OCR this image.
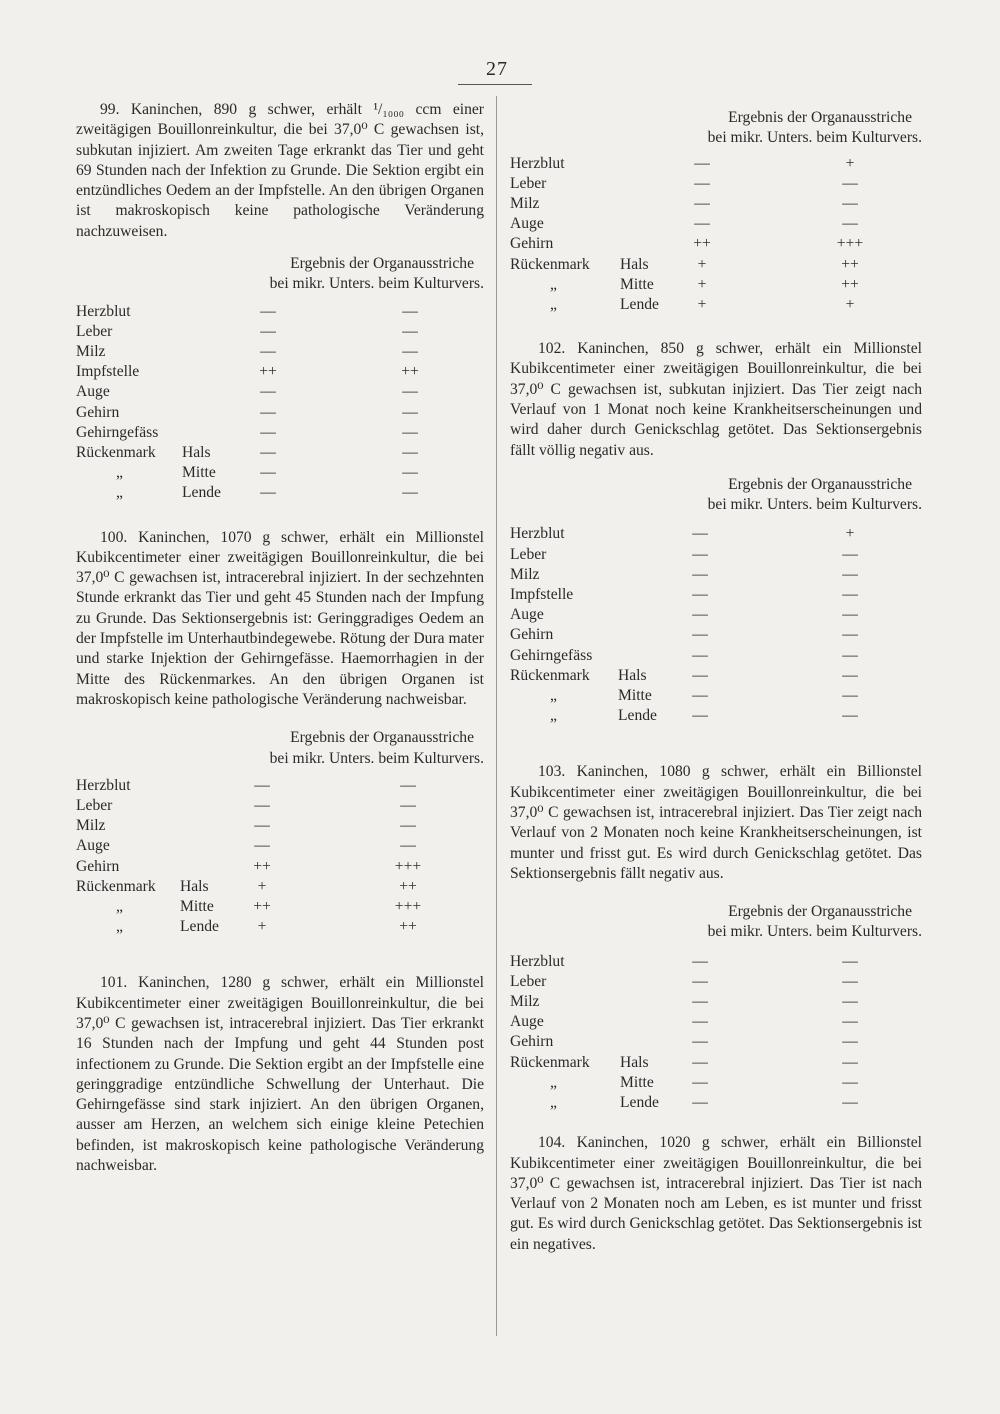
27

99. Kaninchen, 890 g schwer, erhält ¹/₁₀₀₀ ccm einer zweitägigen Bouillonreinkultur, die bei 37,0⁰ C gewachsen ist, subkutan injiziert. Am zweiten Tage erkrankt das Tier und geht 69 Stunden nach der Infektion zu Grunde. Die Sektion ergibt ein entzündliches Oedem an der Impfstelle. An den übrigen Organen ist makroskopisch keine pathologische Veränderung nachzuweisen.

Ergebnis der Organausstriche
bei mikr. Unters. beim Kulturvers.

Herzblut	—	—
Leber	—	—
Milz	—	—
Impfstelle	++	++
Auge	—	—
Gehirn	—	—
Gehirngefäss	—	—
Rückenmark Hals	—	—
„	Mitte	—	—
„	Lende	—	—

100. Kaninchen, 1070 g schwer, erhält ein Millionstel Kubikcentimeter einer zweitägigen Bouillonreinkultur, die bei 37,0⁰ C gewachsen ist, intracerebral injiziert. In der sechzehnten Stunde erkrankt das Tier und geht 45 Stunden nach der Impfung zu Grunde. Das Sektionsergebnis ist: Geringgradiges Oedem an der Impfstelle im Unterhautbindegewebe. Rötung der Dura mater und starke Injektion der Gehirngefässe. Haemorrhagien in der Mitte des Rückenmarkes. An den übrigen Organen ist makroskopisch keine pathologische Veränderung nachweisbar.

Ergebnis der Organausstriche
bei mikr. Unters. beim Kulturvers.

Herzblut	—	—
Leber	—	—
Milz	—	—
Auge	—	—
Gehirn	++	+++
Rückenmark Hals	+	++
„	Mitte	++	+++
„	Lende	+	++

101. Kaninchen, 1280 g schwer, erhält ein Millionstel Kubikcentimeter einer zweitägigen Bouillonreinkultur, die bei 37,0⁰ C gewachsen ist, intracerebral injiziert. Das Tier erkrankt 16 Stunden nach der Impfung und geht 44 Stunden post infectionem zu Grunde. Die Sektion ergibt an der Impfstelle eine geringgradige entzündliche Schwellung der Unterhaut. Die Gehirngefässe sind stark injiziert. An den übrigen Organen, ausser am Herzen, an welchem sich einige kleine Petechien befinden, ist makroskopisch keine pathologische Veränderung nachweisbar.

Ergebnis der Organausstriche
bei mikr. Unters. beim Kulturvers.

Herzblut	—	+
Leber	—	—
Milz	—	—
Auge	—	—
Gehirn	++	+++
Rückenmark Hals	+	++
„	Mitte	+	++
„	Lende	+	+

102. Kaninchen, 850 g schwer, erhält ein Millionstel Kubikcentimeter einer zweitägigen Bouillonreinkultur, die bei 37,0⁰ C gewachsen ist, subkutan injiziert. Das Tier zeigt nach Verlauf von 1 Monat noch keine Krankheitserscheinungen und wird daher durch Genickschlag getötet. Das Sektionsergebnis fällt völlig negativ aus.

Ergebnis der Organausstriche
bei mikr. Unters. beim Kulturvers.

Herzblut	—	+
Leber	—	—
Milz	—	—
Impfstelle	—	—
Auge	—	—
Gehirn	—	—
Gehirngefäss	—	—
Rückenmark Hals	—	—
„	Mitte	—	—
„	Lende	—	—

103. Kaninchen, 1080 g schwer, erhält ein Billionstel Kubikcentimeter einer zweitägigen Bouillonreinkultur, die bei 37,0⁰ C gewachsen ist, intracerebral injiziert. Das Tier zeigt nach Verlauf von 2 Monaten noch keine Krankheitserscheinungen, ist munter und frisst gut. Es wird durch Genickschlag getötet. Das Sektionsergebnis fällt negativ aus.

Ergebnis der Organausstriche
bei mikr. Unters. beim Kulturvers.

Herzblut	—	—
Leber	—	—
Milz	—	—
Auge	—	—
Gehirn	—	—
Rückenmark Hals	—	—
„	Mitte	—	—
„	Lende	—	—

104. Kaninchen, 1020 g schwer, erhält ein Billionstel Kubikcentimeter einer zweitägigen Bouillonreinkultur, die bei 37,0⁰ C gewachsen ist, intracerebral injiziert. Das Tier ist nach Verlauf von 2 Monaten noch am Leben, es ist munter und frisst gut. Es wird durch Genickschlag getötet. Das Sektionsergebnis ist ein negatives.
